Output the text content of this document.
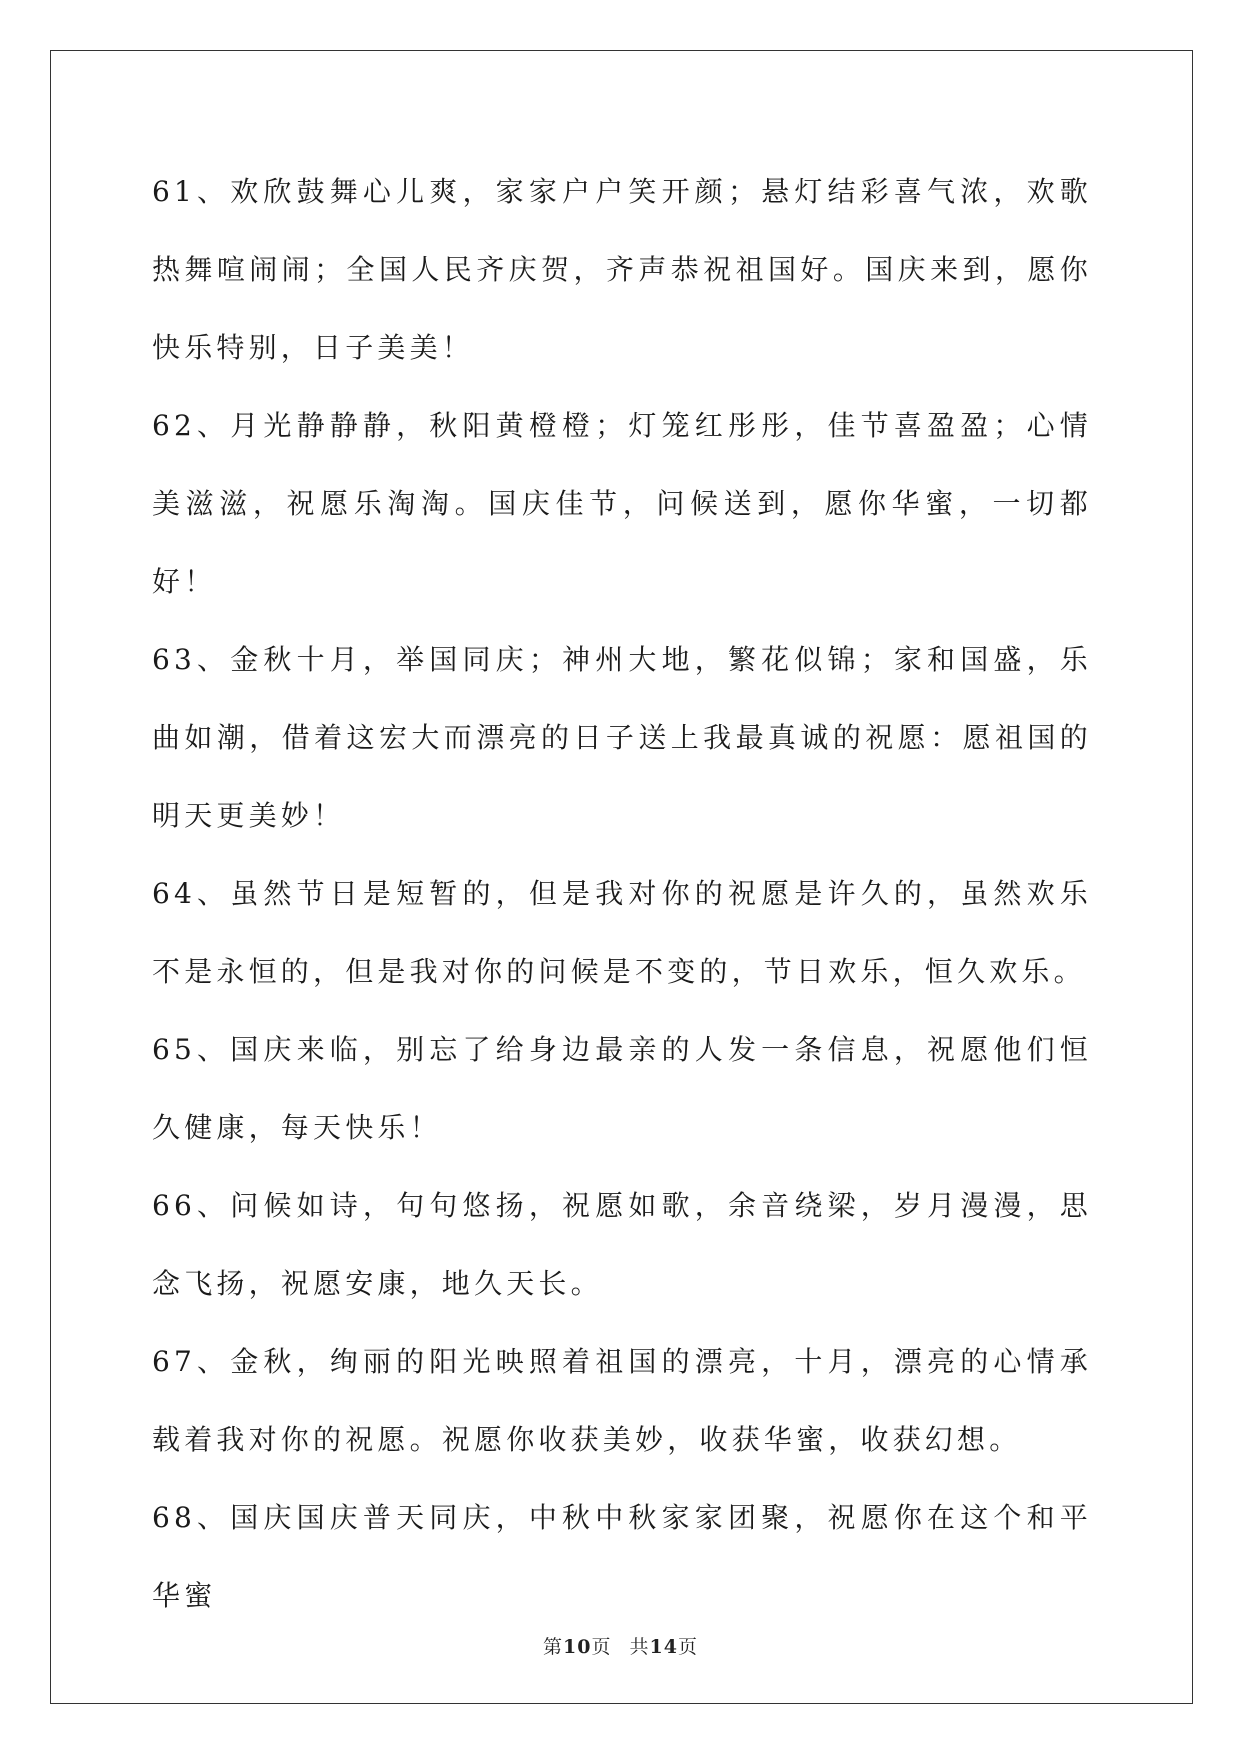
61、欢欣鼓舞心儿爽，家家户户笑开颜；悬灯结彩喜气浓，欢歌热舞喧闹闹；全国人民齐庆贺，齐声恭祝祖国好。国庆来到，愿你快乐特别，日子美美！

62、月光静静静，秋阳黄橙橙；灯笼红彤彤，佳节喜盈盈；心情美滋滋，祝愿乐淘淘。国庆佳节，问候送到，愿你华蜜，一切都好！

63、金秋十月，举国同庆；神州大地，繁花似锦；家和国盛，乐曲如潮，借着这宏大而漂亮的日子送上我最真诚的祝愿：愿祖国的明天更美妙！

64、虽然节日是短暂的，但是我对你的祝愿是许久的，虽然欢乐不是永恒的，但是我对你的问候是不变的，节日欢乐，恒久欢乐。

65、国庆来临，别忘了给身边最亲的人发一条信息，祝愿他们恒久健康，每天快乐！

66、问候如诗，句句悠扬，祝愿如歌，余音绕梁，岁月漫漫，思念飞扬，祝愿安康，地久天长。

67、金秋，绚丽的阳光映照着祖国的漂亮，十月，漂亮的心情承载着我对你的祝愿。祝愿你收获美妙，收获华蜜，收获幻想。

68、国庆国庆普天同庆，中秋中秋家家团聚，祝愿你在这个和平华蜜

第10页 共14页
